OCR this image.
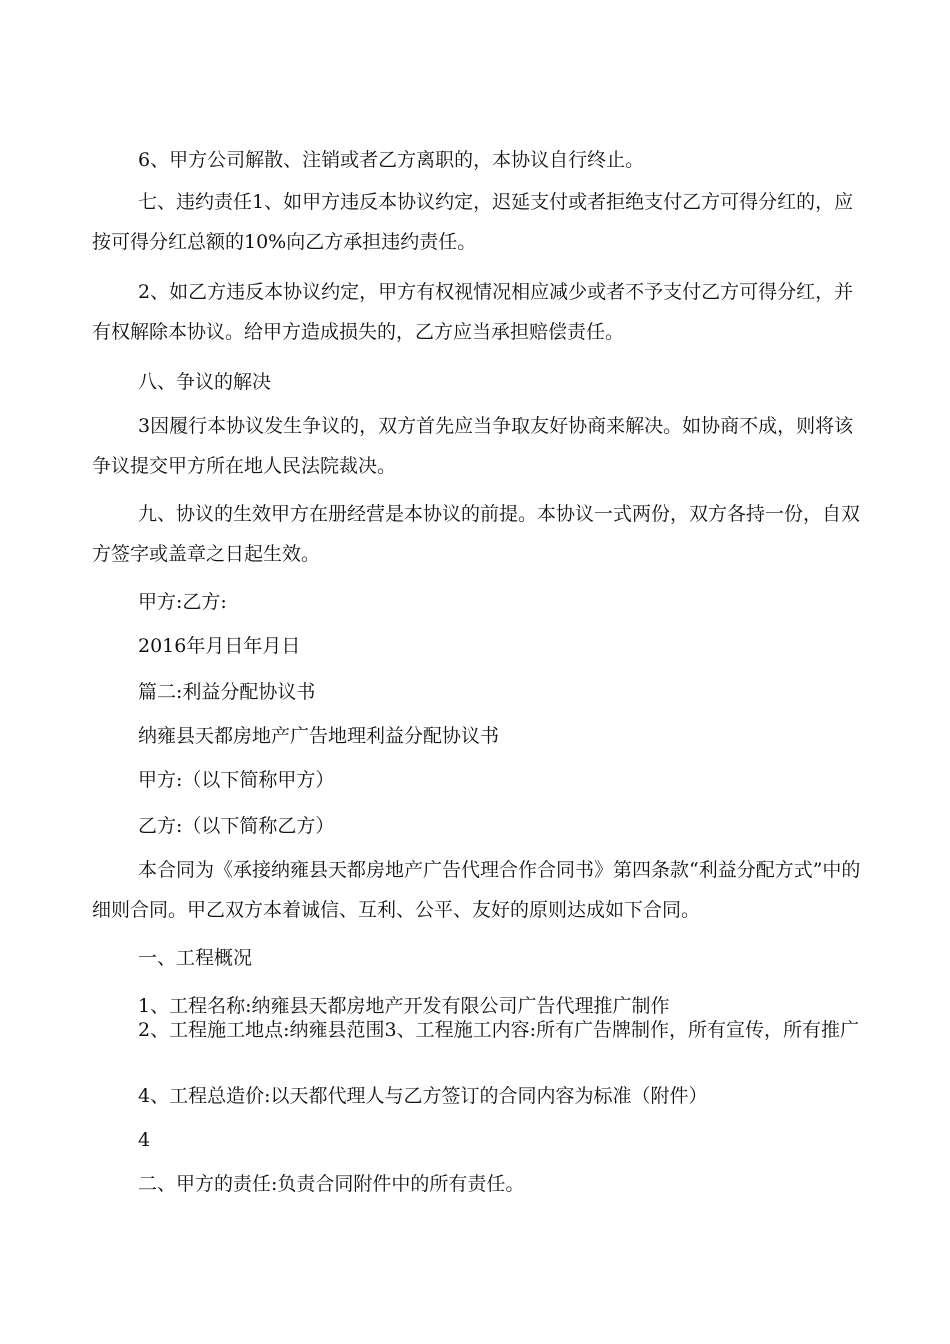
6、甲方公司解散、注销或者乙方离职的，本协议自行终止。

七、违约责任1、如甲方违反本协议约定，迟延支付或者拒绝支付乙方可得分红的，应按可得分红总额的10%向乙方承担违约责任。

2、如乙方违反本协议约定，甲方有权视情况相应减少或者不予支付乙方可得分红，并有权解除本协议。给甲方造成损失的，乙方应当承担赔偿责任。

八、争议的解决

3因履行本协议发生争议的，双方首先应当争取友好协商来解决。如协商不成，则将该争议提交甲方所在地人民法院裁决。

九、协议的生效甲方在册经营是本协议的前提。本协议一式两份，双方各持一份，自双方签字或盖章之日起生效。

甲方:乙方:

2016年月日年月日

篇二:利益分配协议书

纳雍县天都房地产广告地理利益分配协议书

甲方:（以下简称甲方）

乙方:（以下简称乙方）

本合同为《承接纳雍县天都房地产广告代理合作合同书》第四条款“利益分配方式”中的细则合同。甲乙双方本着诚信、互利、公平、友好的原则达成如下合同。

一、工程概况

1、工程名称:纳雍县天都房地产开发有限公司广告代理推广制作

2、工程施工地点:纳雍县范围3、工程施工内容:所有广告牌制作，所有宣传，所有推广

4、工程总造价:以天都代理人与乙方签订的合同内容为标准（附件）

4

二、甲方的责任:负责合同附件中的所有责任。
